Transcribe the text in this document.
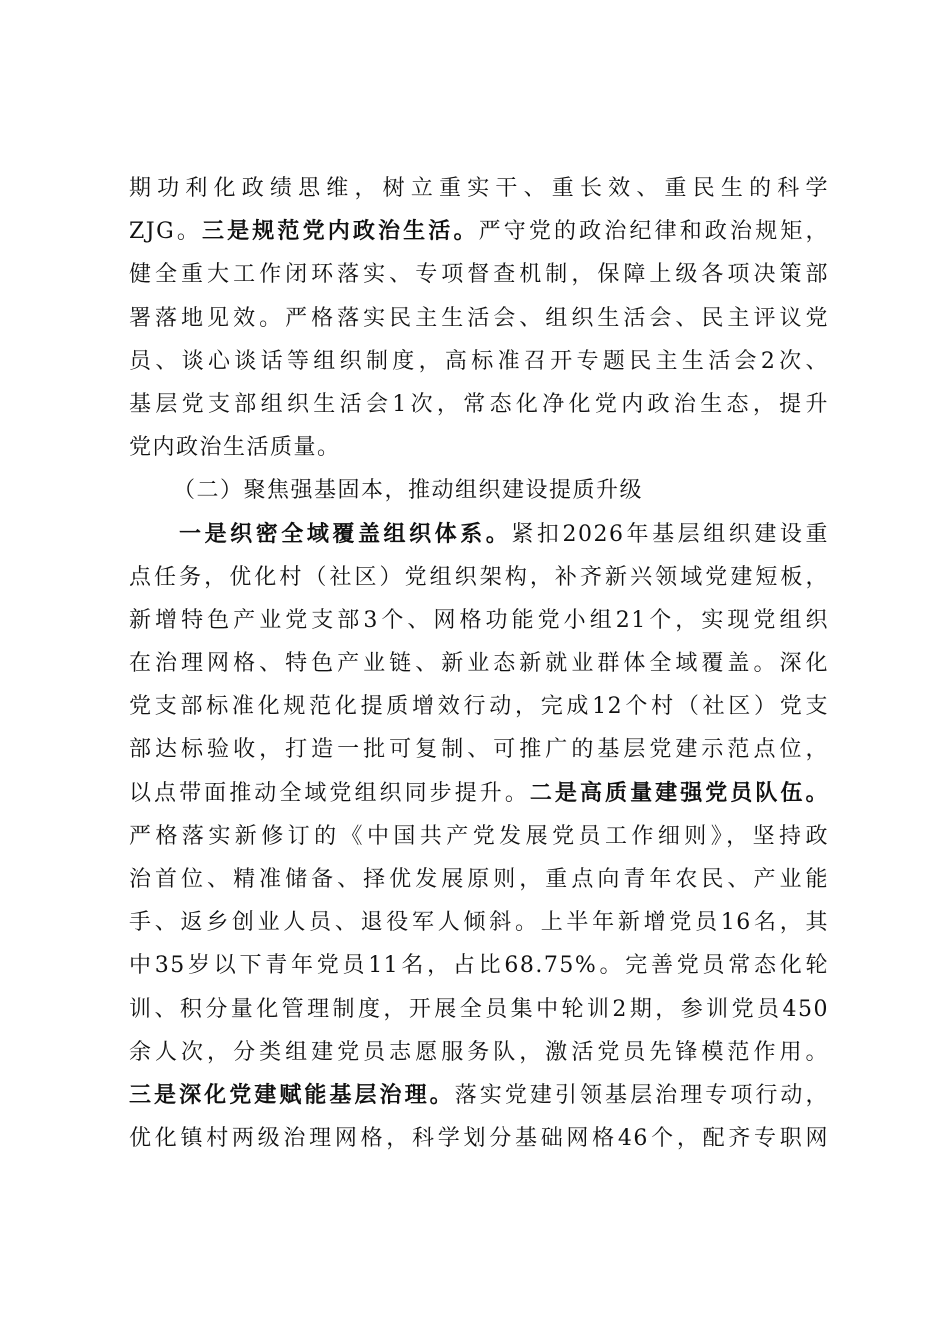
期功利化政绩思维，树立重实干、重长效、重民生的科学
ZJG。三是规范党内政治生活。严守党的政治纪律和政治规矩，
健全重大工作闭环落实、专项督查机制，保障上级各项决策部
署落地见效。严格落实民主生活会、组织生活会、民主评议党
员、谈心谈话等组织制度，高标准召开专题民主生活会2次、
基层党支部组织生活会1次，常态化净化党内政治生态，提升
党内政治生活质量。
（二）聚焦强基固本，推动组织建设提质升级
一是织密全域覆盖组织体系。紧扣2026年基层组织建设重
点任务，优化村（社区）党组织架构，补齐新兴领域党建短板，
新增特色产业党支部3个、网格功能党小组21个，实现党组织
在治理网格、特色产业链、新业态新就业群体全域覆盖。深化
党支部标准化规范化提质增效行动，完成12个村（社区）党支
部达标验收，打造一批可复制、可推广的基层党建示范点位，
以点带面推动全域党组织同步提升。二是高质量建强党员队伍。
严格落实新修订的《中国共产党发展党员工作细则》，坚持政
治首位、精准储备、择优发展原则，重点向青年农民、产业能
手、返乡创业人员、退役军人倾斜。上半年新增党员16名，其
中35岁以下青年党员11名，占比68.75%。完善党员常态化轮
训、积分量化管理制度，开展全员集中轮训2期，参训党员450
余人次，分类组建党员志愿服务队，激活党员先锋模范作用。
三是深化党建赋能基层治理。落实党建引领基层治理专项行动，
优化镇村两级治理网格，科学划分基础网格46个，配齐专职网
